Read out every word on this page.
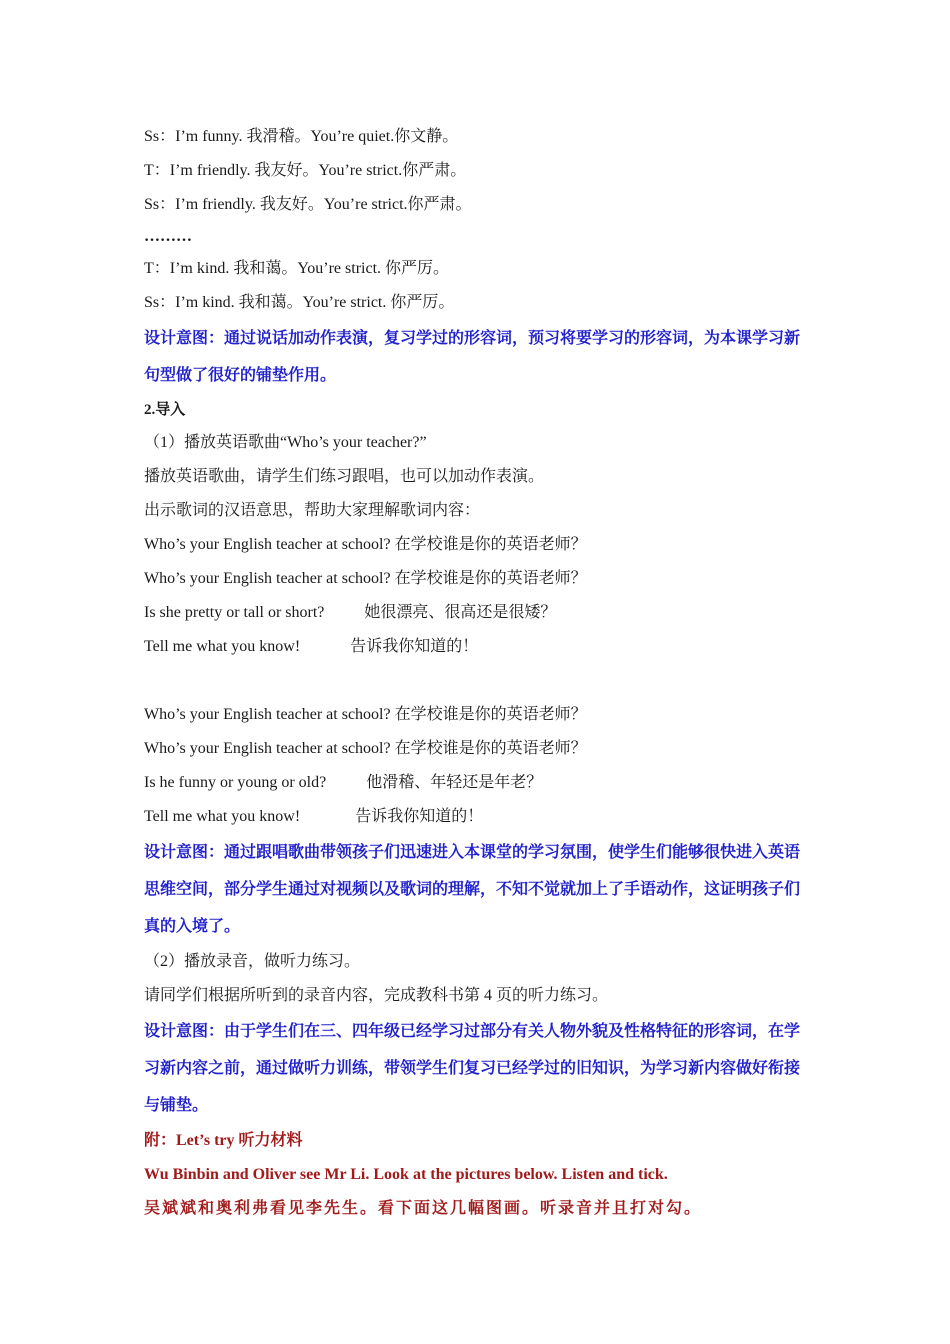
Ss：I’m funny. 我滑稽。You’re quiet.你文静。
T：I’m friendly. 我友好。You’re strict.你严肃。
Ss：I’m friendly. 我友好。You’re strict.你严肃。
………
T：I’m kind. 我和蔼。You’re strict. 你严厉。
Ss：I’m kind. 我和蔼。You’re strict. 你严厉。
设计意图：通过说话加动作表演，复习学过的形容词，预习将要学习的形容词，为本课学习新句型做了很好的铺垫作用。
2.导入
（1）播放英语歌曲“Who’s your teacher?”
播放英语歌曲，请学生们练习跟唱，也可以加动作表演。
出示歌词的汉语意思，帮助大家理解歌词内容：
Who’s your English teacher at school? 在学校谁是你的英语老师？
Who’s your English teacher at school? 在学校谁是你的英语老师？
Is she pretty or tall or short?	她很漂亮、很高还是很矮？
Tell me what you know!	告诉我你知道的！
Who’s your English teacher at school? 在学校谁是你的英语老师？
Who’s your English teacher at school? 在学校谁是你的英语老师？
Is he funny or young or old?	他滑稽、年轻还是年老？
Tell me what you know!	告诉我你知道的！
设计意图：通过跟唱歌曲带领孩子们迅速进入本课堂的学习氛围，使学生们能够很快进入英语思维空间，部分学生通过对视频以及歌词的理解，不知不觉就加上了手语动作，这证明孩子们真的入境了。
（2）播放录音，做听力练习。
请同学们根据所听到的录音内容，完成教科书第 4 页的听力练习。
设计意图：由于学生们在三、四年级已经学习过部分有关人物外貌及性格特征的形容词，在学习新内容之前，通过做听力训练，带领学生们复习已经学过的旧知识，为学习新内容做好衔接与铺垫。
附：Let’s try 听力材料
Wu Binbin and Oliver see Mr Li. Look at the pictures below. Listen and tick.
吴斌斌和奥利弗看见李先生。看下面这几幅图画。听录音并且打对勾。
